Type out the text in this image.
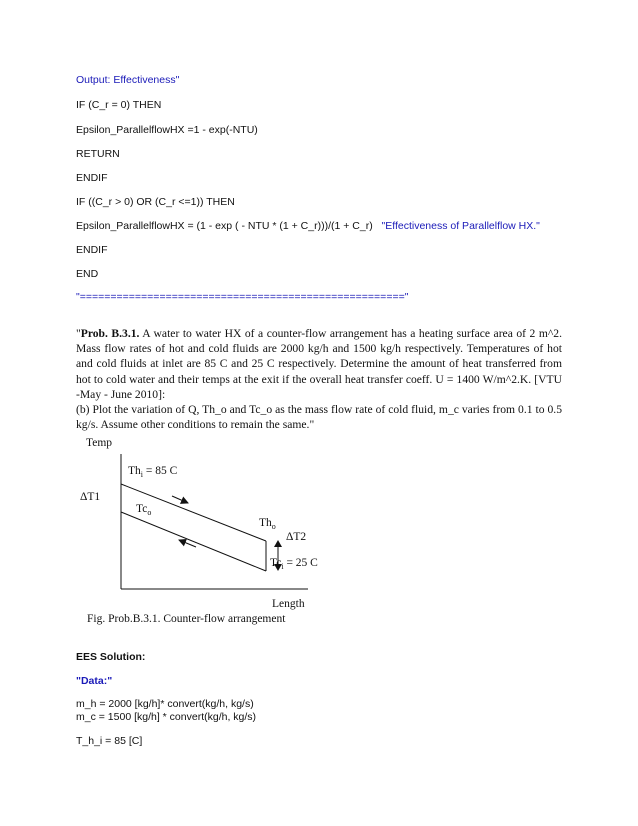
Output: Effectiveness"
IF (C_r = 0) THEN
Epsilon_ParallelflowHX =1 - exp(-NTU)
RETURN
ENDIF
IF ((C_r > 0) OR (C_r <=1)) THEN
Epsilon_ParallelflowHX = (1 - exp ( - NTU * (1 + C_r)))/(1 + C_r) "Effectiveness of Parallelflow HX."
ENDIF
END
"====================================================="
"Prob. B.3.1. A water to water HX of a counter-flow arrangement has a heating surface area of 2 m^2. Mass flow rates of hot and cold fluids are 2000 kg/h and 1500 kg/h respectively. Temperatures of hot and cold fluids at inlet are 85 C and 25 C respectively. Determine the amount of heat transferred from hot to cold water and their temps at the exit if the overall heat transfer coeff. U = 1400 W/m^2.K. [VTU -May - June 2010]:
(b) Plot the variation of Q, Th_o and Tc_o as the mass flow rate of cold fluid, m_c varies from 0.1 to 0.5 kg/s. Assume other conditions to remain the same."
Temp
Length
ΔT1
$Th_i = 85$ C
$Tc_o$
$Th_o$
ΔT2
$Tc_i = 25$ C
Fig. Prob.B.3.1. Counter-flow arrangement
EES Solution:
"Data:"
m_h = 2000 [kg/h]* convert(kg/h, kg/s)
m_c = 1500 [kg/h] * convert(kg/h, kg/s)
T_h_i = 85 [C]
